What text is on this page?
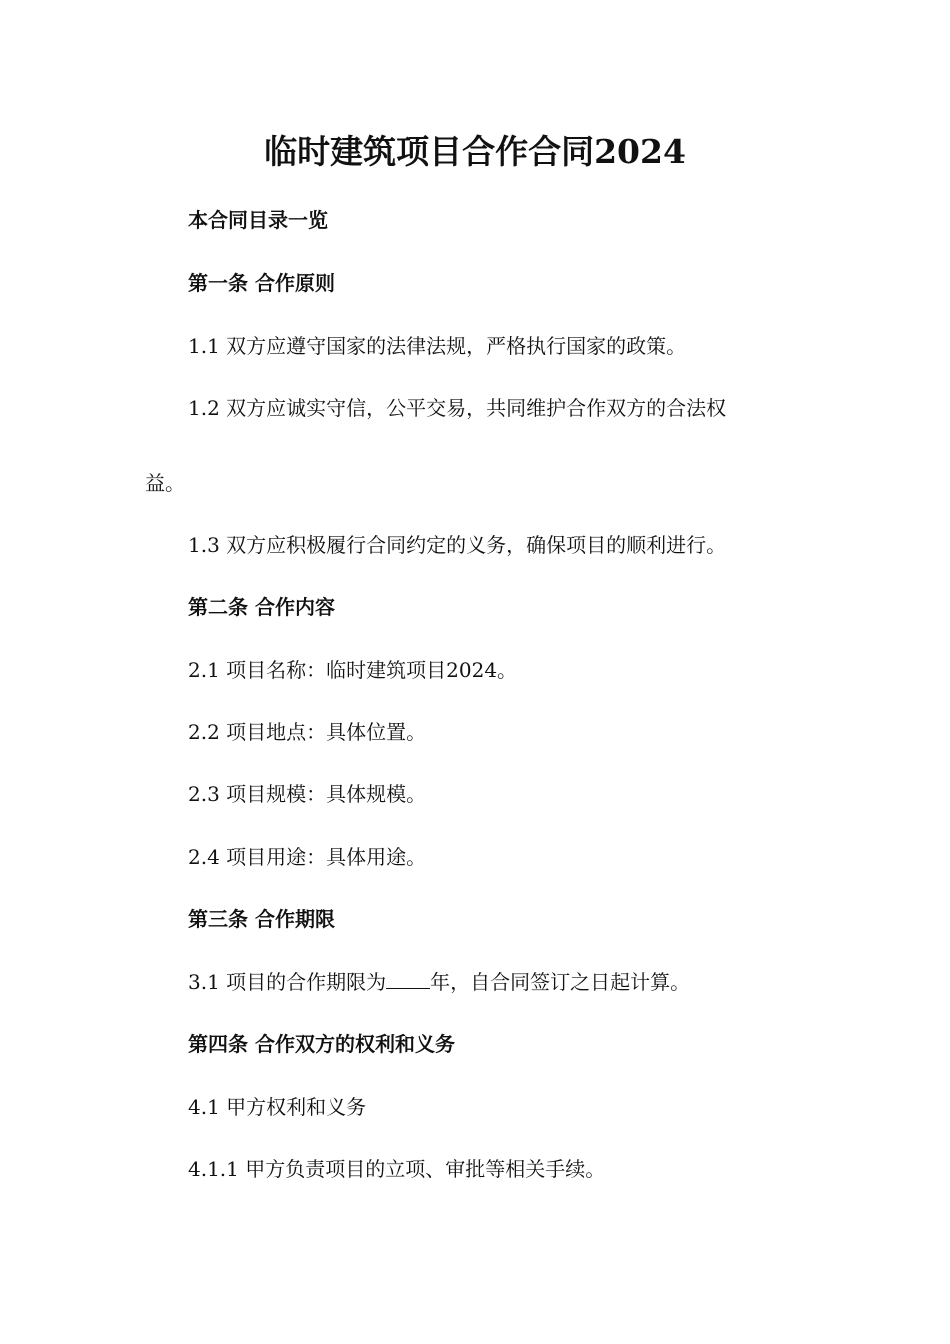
临时建筑项目合作合同2024
本合同目录一览
第一条 合作原则
1.1 双方应遵守国家的法律法规，严格执行国家的政策。
1.2 双方应诚实守信，公平交易，共同维护合作双方的合法权
益。
1.3 双方应积极履行合同约定的义务，确保项目的顺利进行。
第二条 合作内容
2.1 项目名称：临时建筑项目2024。
2.2 项目地点：具体位置。
2.3 项目规模：具体规模。
2.4 项目用途：具体用途。
第三条 合作期限
3.1 项目的合作期限为 年，自合同签订之日起计算。
第四条 合作双方的权利和义务
4.1 甲方权利和义务
4.1.1 甲方负责项目的立项、审批等相关手续。
